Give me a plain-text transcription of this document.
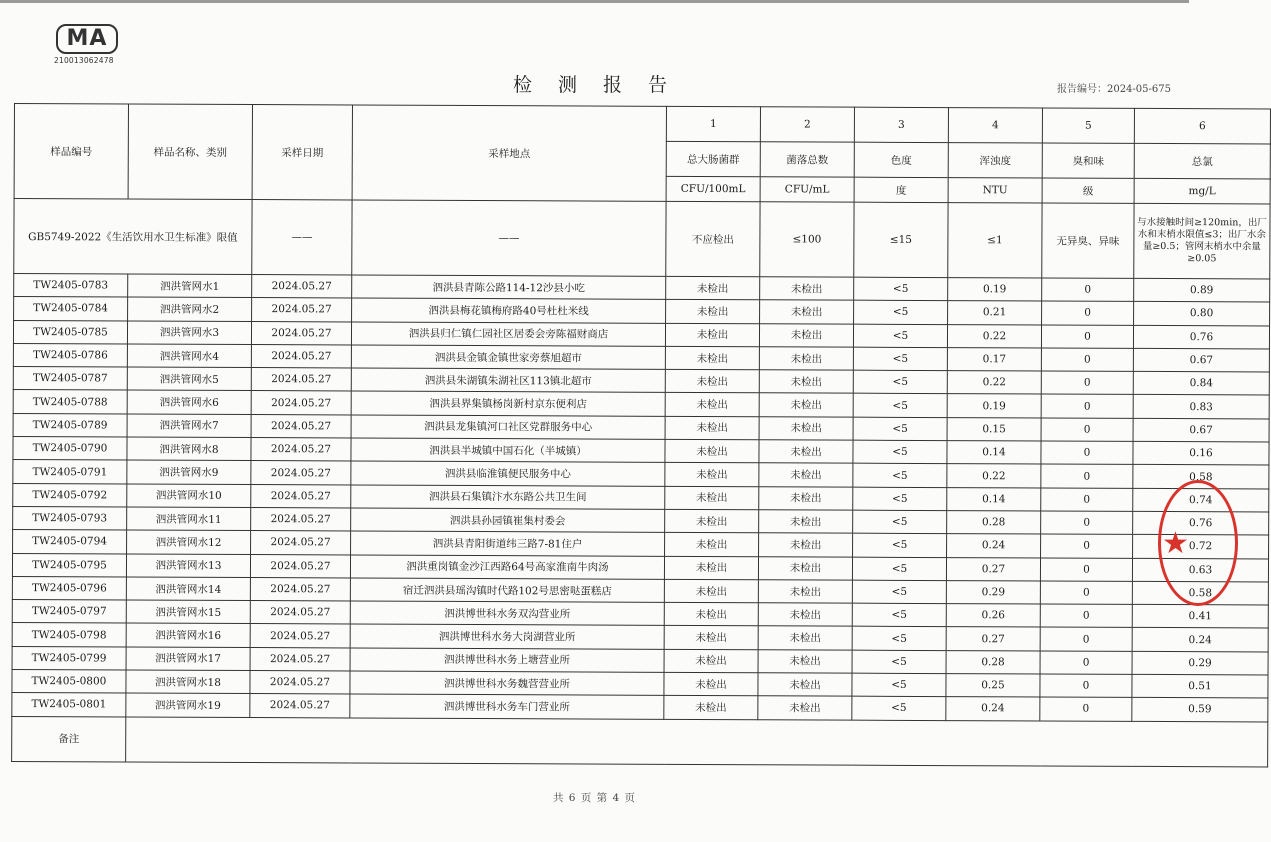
MA
210013062478
检 测 报 告	报告编号：2024-05-675
样品编号	样品名称、类别	采样日期	采样地点	1	2	3	4	5	6
				总大肠菌群	菌落总数	色度	浑浊度	臭和味	总氯
				CFU/100mL	CFU/mL	度	NTU	级	mg/L
GB5749-2022《生活饮用水卫生标准》限值		——	——	不应检出	≤100	≤15	≤1	无异臭、异味	与水接触时间≥120min，出厂水和末梢水限值≤3；出厂水余量≥0.5；管网末梢水中余量≥0.05
TW2405-0783	泗洪管网水1	2024.05.27	泗洪县青陈公路114-12沙县小吃	未检出	未检出	<5	0.19	0	0.89
TW2405-0784	泗洪管网水2	2024.05.27	泗洪县梅花镇梅府路40号杜杜米线	未检出	未检出	<5	0.21	0	0.80
TW2405-0785	泗洪管网水3	2024.05.27	泗洪县归仁镇仁园社区居委会旁陈福财商店	未检出	未检出	<5	0.22	0	0.76
TW2405-0786	泗洪管网水4	2024.05.27	泗洪县金镇金镇世家旁蔡旭超市	未检出	未检出	<5	0.17	0	0.67
TW2405-0787	泗洪管网水5	2024.05.27	泗洪县朱湖镇朱湖社区113镇北超市	未检出	未检出	<5	0.22	0	0.84
TW2405-0788	泗洪管网水6	2024.05.27	泗洪县界集镇杨岗新村京东便利店	未检出	未检出	<5	0.19	0	0.83
TW2405-0789	泗洪管网水7	2024.05.27	泗洪县龙集镇河口社区党群服务中心	未检出	未检出	<5	0.15	0	0.67
TW2405-0790	泗洪管网水8	2024.05.27	泗洪县半城镇中国石化（半城镇）	未检出	未检出	<5	0.14	0	0.16
TW2405-0791	泗洪管网水9	2024.05.27	泗洪县临淮镇便民服务中心	未检出	未检出	<5	0.22	0	0.58
TW2405-0792	泗洪管网水10	2024.05.27	泗洪县石集镇汴水东路公共卫生间	未检出	未检出	<5	0.14	0	0.74
TW2405-0793	泗洪管网水11	2024.05.27	泗洪县孙园镇崔集村委会	未检出	未检出	<5	0.28	0	0.76
TW2405-0794	泗洪管网水12	2024.05.27	泗洪县青阳街道纬三路7-81住户	未检出	未检出	<5	0.24	0	0.72
TW2405-0795	泗洪管网水13	2024.05.27	泗洪重岗镇金沙江西路64号高家淮南牛肉汤	未检出	未检出	<5	0.27	0	0.63
TW2405-0796	泗洪管网水14	2024.05.27	宿迁泗洪县瑶沟镇时代路102号思密哒蛋糕店	未检出	未检出	<5	0.29	0	0.58
TW2405-0797	泗洪管网水15	2024.05.27	泗洪博世科水务双沟营业所	未检出	未检出	<5	0.26	0	0.41
TW2405-0798	泗洪管网水16	2024.05.27	泗洪博世科水务大岗湖营业所	未检出	未检出	<5	0.27	0	0.24
TW2405-0799	泗洪管网水17	2024.05.27	泗洪博世科水务上塘营业所	未检出	未检出	<5	0.28	0	0.29
TW2405-0800	泗洪管网水18	2024.05.27	泗洪博世科水务魏营营业所	未检出	未检出	<5	0.25	0	0.51
TW2405-0801	泗洪管网水19	2024.05.27	泗洪博世科水务车门营业所	未检出	未检出	<5	0.24	0	0.59
备注									
★
共 6 页 第 4 页
